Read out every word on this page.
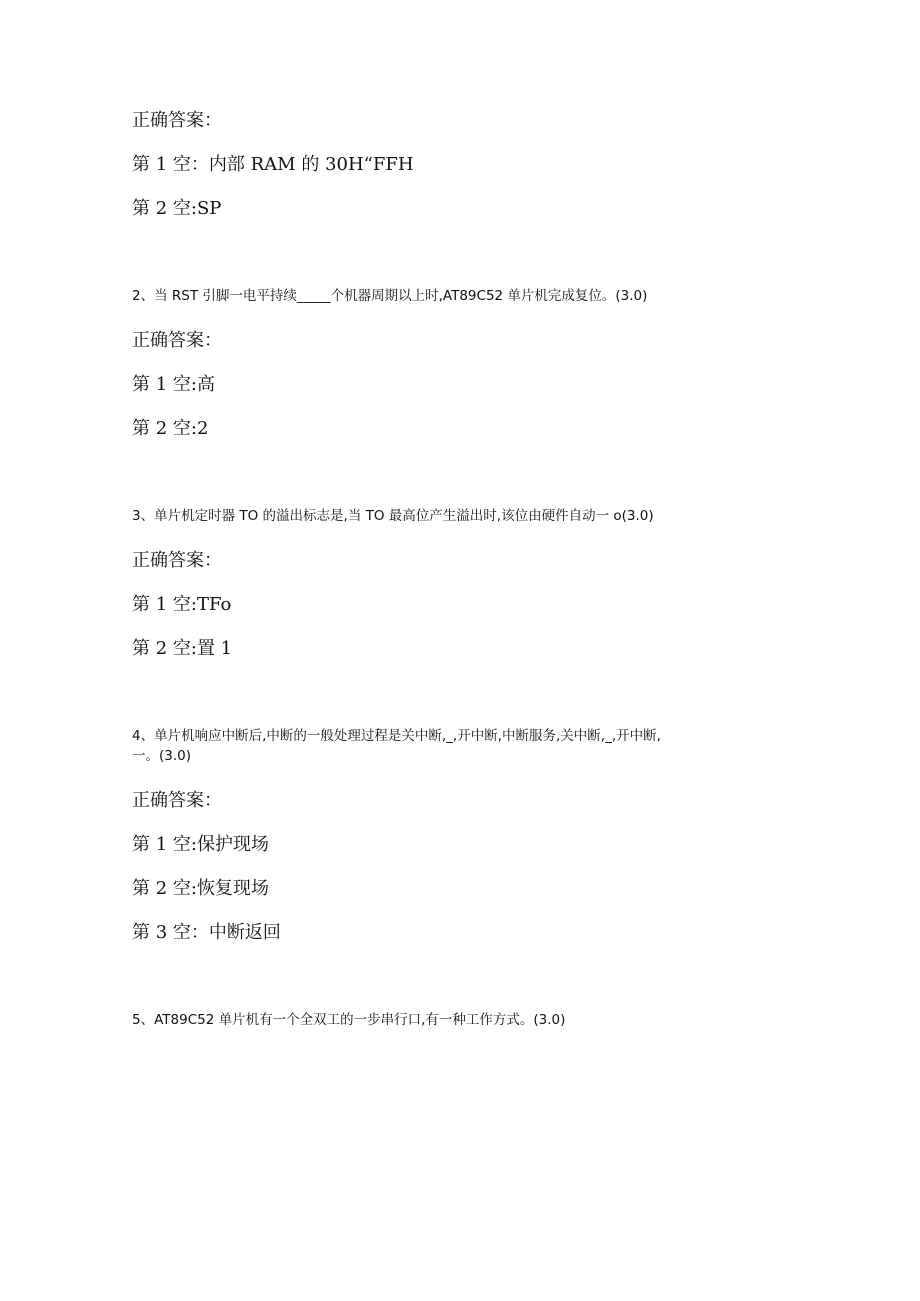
正确答案：
第 1 空：内部 RAM 的 30H“FFH
第 2 空:SP
2、当 RST 引脚一电平持续_____个机器周期以上时,AT89C52 单片机完成复位。(3.0)
正确答案：
第 1 空:高
第 2 空:2
3、单片机定时器 TO 的溢出标志是,当 TO 最高位产生溢出时,该位由硬件自动一 o(3.0)
正确答案：
第 1 空:TFo
第 2 空:置 1
4、单片机响应中断后,中断的一般处理过程是关中断,_,开中断,中断服务,关中断,_,开中断,
一。(3.0)
正确答案：
第 1 空:保护现场
第 2 空:恢复现场
第 3 空：中断返回
5、AT89C52 单片机有一个全双工的一步串行口,有一种工作方式。(3.0)
